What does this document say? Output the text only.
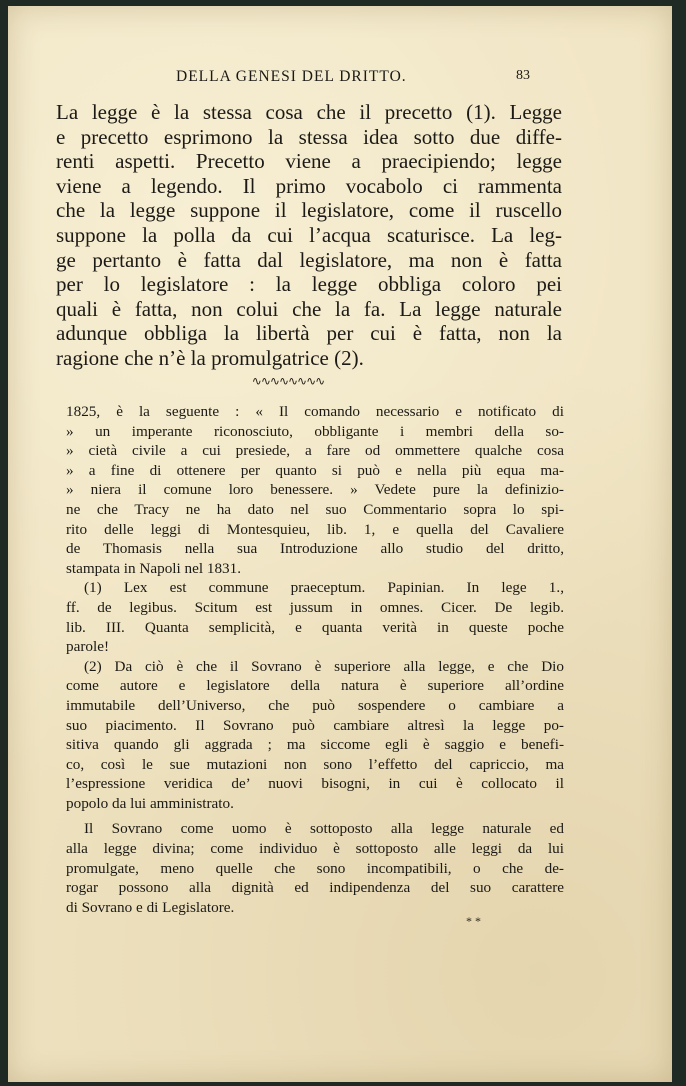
DELLA GENESI DEL DRITTO.	83
La legge è la stessa cosa che il precetto (1). Legge
e precetto esprimono la stessa idea sotto due diffe-
renti aspetti. Precetto viene a praecipiendo; legge
viene a legendo. Il primo vocabolo ci rammenta
che la legge suppone il legislatore, come il ruscello
suppone la polla da cui l’acqua scaturisce. La leg-
ge pertanto è fatta dal legislatore, ma non è fatta
per lo legislatore : la legge obbliga coloro pei
quali è fatta, non colui che la fa. La legge naturale
adunque obbliga la libertà per cui è fatta, non la
ragione che n’è la promulgatrice (2).
∿∿∿∿∿∿∿∿
1825, è la seguente : « Il comando necessario e notificato di
» un imperante riconosciuto, obbligante i membri della so-
» cietà civile a cui presiede, a fare od ommettere qualche cosa
» a fine di ottenere per quanto si può e nella più equa ma-
» niera il comune loro benessere. » Vedete pure la definizio-
ne che Tracy ne ha dato nel suo Commentario sopra lo spi-
rito delle leggi di Montesquieu, lib. 1, e quella del Cavaliere
de Thomasis nella sua Introduzione allo studio del dritto,
stampata in Napoli nel 1831.
(1) Lex est commune praeceptum. Papinian. In lege 1.,
ff. de legibus. Scitum est jussum in omnes. Cicer. De legib.
lib. III. Quanta semplicità, e quanta verità in queste poche
parole!
(2) Da ciò è che il Sovrano è superiore alla legge, e che Dio
come autore e legislatore della natura è superiore all’ordine
immutabile dell’Universo, che può sospendere o cambiare a
suo piacimento. Il Sovrano può cambiare altresì la legge po-
sitiva quando gli aggrada ; ma siccome egli è saggio e benefi-
co, così le sue mutazioni non sono l’effetto del capriccio, ma
l’espressione veridica de’ nuovi bisogni, in cui è collocato il
popolo da lui amministrato.
Il Sovrano come uomo è sottoposto alla legge naturale ed
alla legge divina; come individuo è sottoposto alle leggi da lui
promulgate, meno quelle che sono incompatibili, o che de-
rogar possono alla dignità ed indipendenza del suo carattere
di Sovrano e di Legislatore.
* *
